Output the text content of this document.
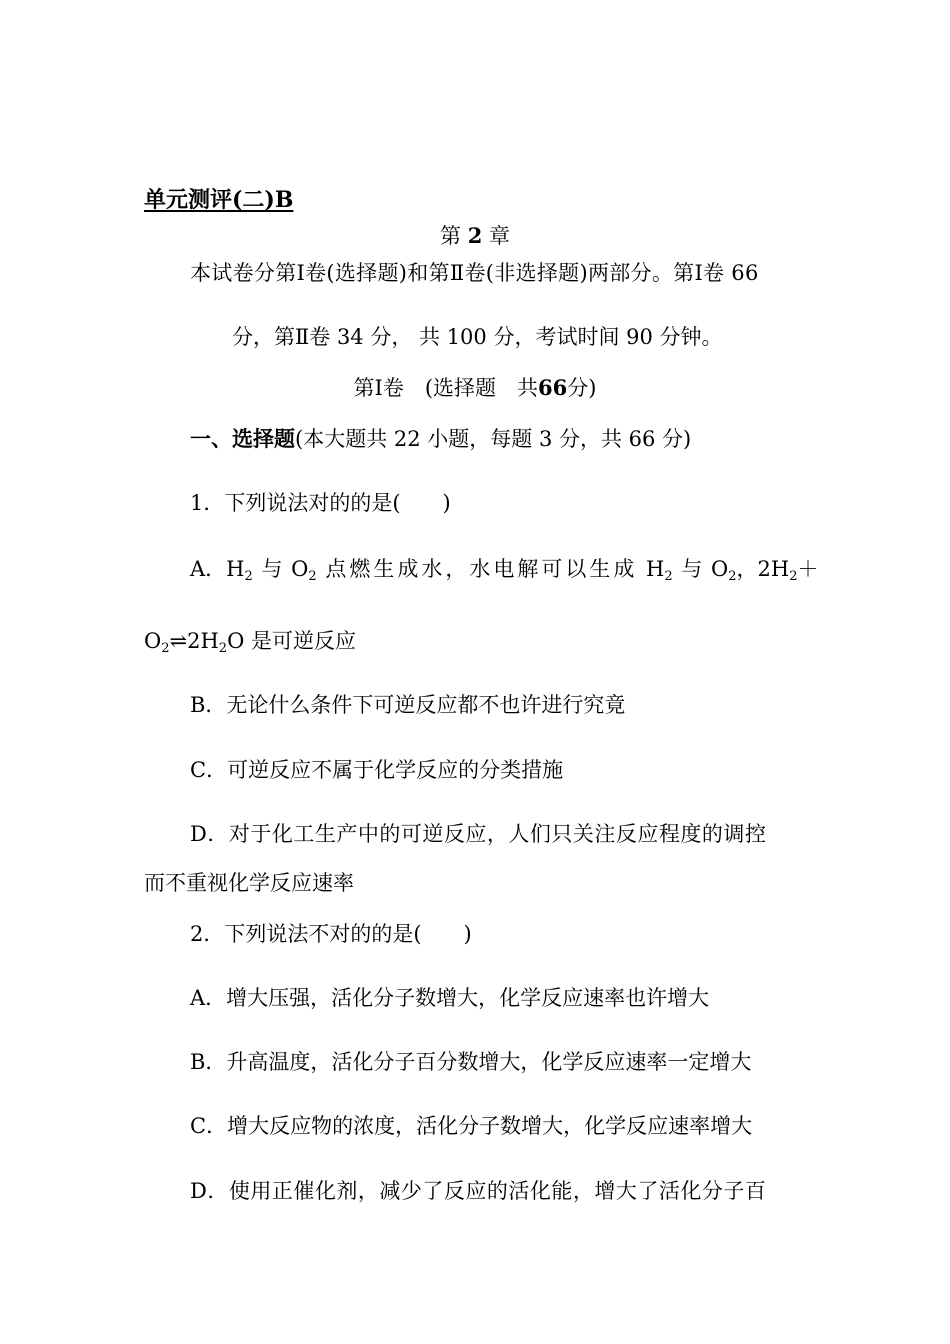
单元测评(二)B
第 2 章
本试卷分第Ⅰ卷(选择题)和第Ⅱ卷(非选择题)两部分。第Ⅰ卷 66
分，第Ⅱ卷 34 分， 共 100 分，考试时间 90 分钟。
第Ⅰ卷　(选择题　共66分)
一、选择题(本大题共 22 小题，每题 3 分，共 66 分)
1．下列说法对的的是(　　)
A．$H_2$ 与 $O_2$ 点燃生成水，水电解可以生成 $H_2$ 与 $O_2$，$2H_2+$
$O_2\rightleftharpoons 2H_2O$ 是可逆反应
B．无论什么条件下可逆反应都不也许进行究竟
C．可逆反应不属于化学反应的分类措施
D．对于化工生产中的可逆反应，人们只关注反应程度的调控
而不重视化学反应速率
2．下列说法不对的的是(　　)
A．增大压强，活化分子数增大，化学反应速率也许增大
B．升高温度，活化分子百分数增大，化学反应速率一定增大
C．增大反应物的浓度，活化分子数增大，化学反应速率增大
D．使用正催化剂，减少了反应的活化能，增大了活化分子百
